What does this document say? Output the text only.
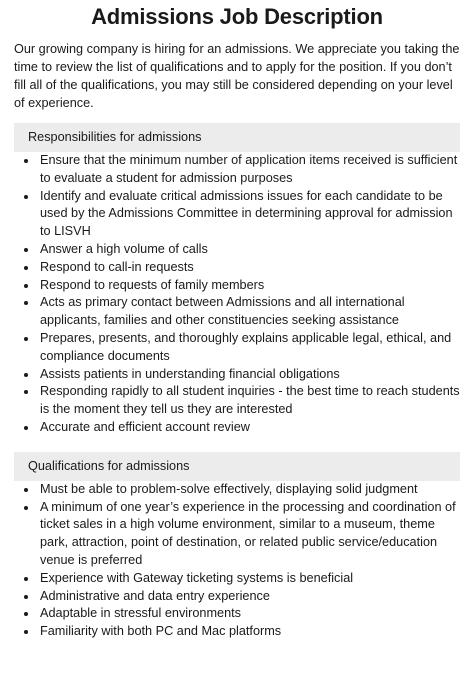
Admissions Job Description

Our growing company is hiring for an admissions. We appreciate you taking the time to review the list of qualifications and to apply for the position. If you don’t fill all of the qualifications, you may still be considered depending on your level of experience.

Responsibilities for admissions
Ensure that the minimum number of application items received is sufficient to evaluate a student for admission purposes
Identify and evaluate critical admissions issues for each candidate to be used by the Admissions Committee in determining approval for admission to LISVH
Answer a high volume of calls
Respond to call-in requests
Respond to requests of family members
Acts as primary contact between Admissions and all international applicants, families and other constituencies seeking assistance
Prepares, presents, and thoroughly explains applicable legal, ethical, and compliance documents
Assists patients in understanding financial obligations
Responding rapidly to all student inquiries - the best time to reach students is the moment they tell us they are interested
Accurate and efficient account review
Qualifications for admissions
Must be able to problem-solve effectively, displaying solid judgment
A minimum of one year’s experience in the processing and coordination of ticket sales in a high volume environment, similar to a museum, theme park, attraction, point of destination, or related public service/education venue is preferred
Experience with Gateway ticketing systems is beneficial
Administrative and data entry experience
Adaptable in stressful environments
Familiarity with both PC and Mac platforms
